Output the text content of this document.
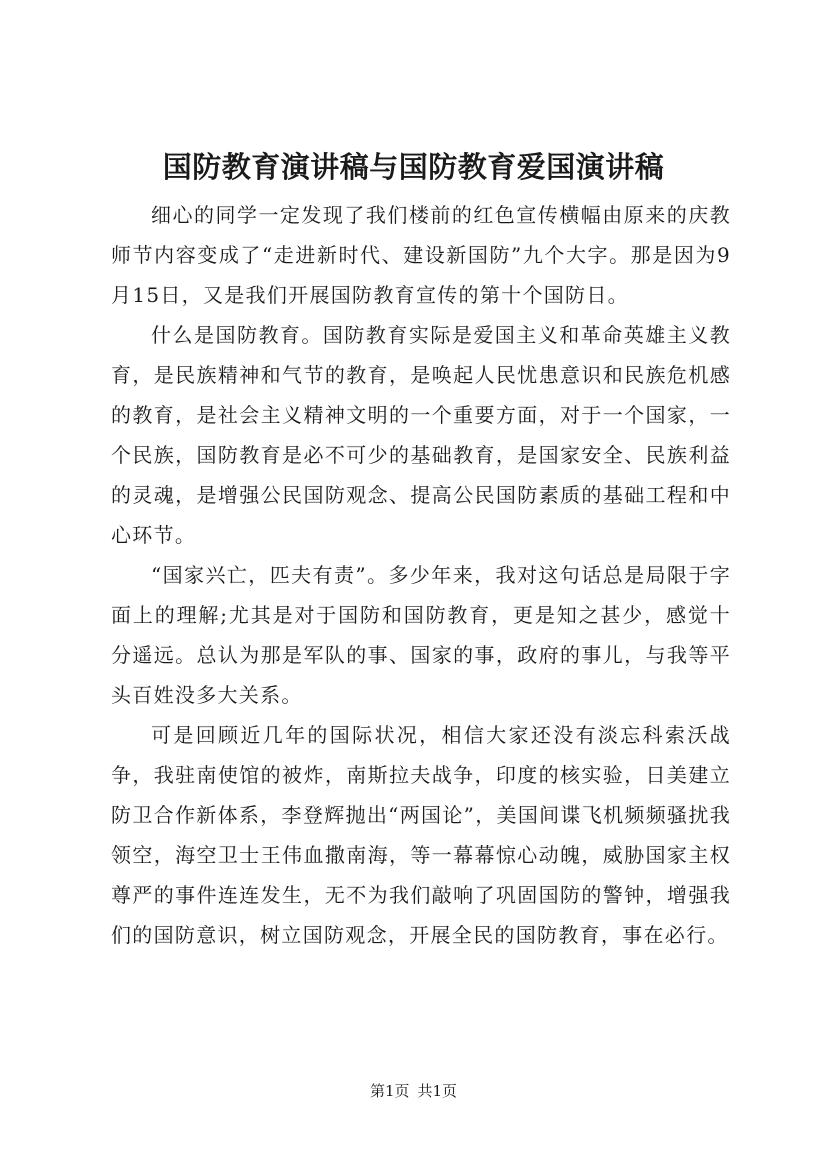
国防教育演讲稿与国防教育爱国演讲稿

细心的同学一定发现了我们楼前的红色宣传横幅由原来的庆教师节内容变成了“走进新时代、建设新国防”九个大字。那是因为9月15日，又是我们开展国防教育宣传的第十个国防日。

什么是国防教育。国防教育实际是爱国主义和革命英雄主义教育，是民族精神和气节的教育，是唤起人民忧患意识和民族危机感的教育，是社会主义精神文明的一个重要方面，对于一个国家，一个民族，国防教育是必不可少的基础教育，是国家安全、民族利益的灵魂，是增强公民国防观念、提高公民国防素质的基础工程和中心环节。

“国家兴亡，匹夫有责”。多少年来，我对这句话总是局限于字面上的理解;尤其是对于国防和国防教育，更是知之甚少，感觉十分遥远。总认为那是军队的事、国家的事，政府的事儿，与我等平头百姓没多大关系。

可是回顾近几年的国际状况，相信大家还没有淡忘科索沃战争，我驻南使馆的被炸，南斯拉夫战争，印度的核实验，日美建立防卫合作新体系，李登辉抛出“两国论”，美国间谍飞机频频骚扰我领空，海空卫士王伟血撒南海，等一幕幕惊心动魄，威胁国家主权尊严的事件连连发生，无不为我们敲响了巩固国防的警钟，增强我们的国防意识，树立国防观念，开展全民的国防教育，事在必行。

第1页 共1页
